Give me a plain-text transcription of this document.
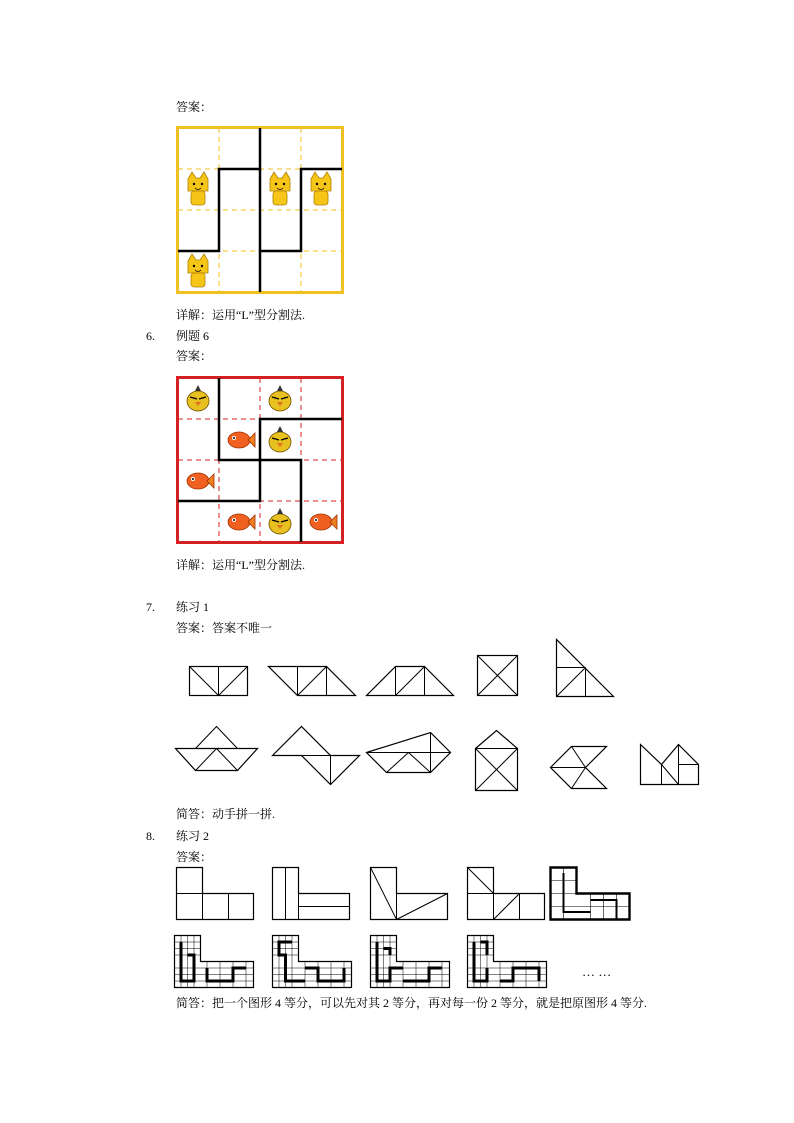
答案：
详解：运用“L”型分割法.
6. 例题 6
答案：
详解：运用“L”型分割法.
7. 练习 1
答案：答案不唯一
简答：动手拼一拼.
8. 练习 2
答案：
… …
简答：把一个图形 4 等分，可以先对其 2 等分，再对每一份 2 等分，就是把原图形 4 等分.
